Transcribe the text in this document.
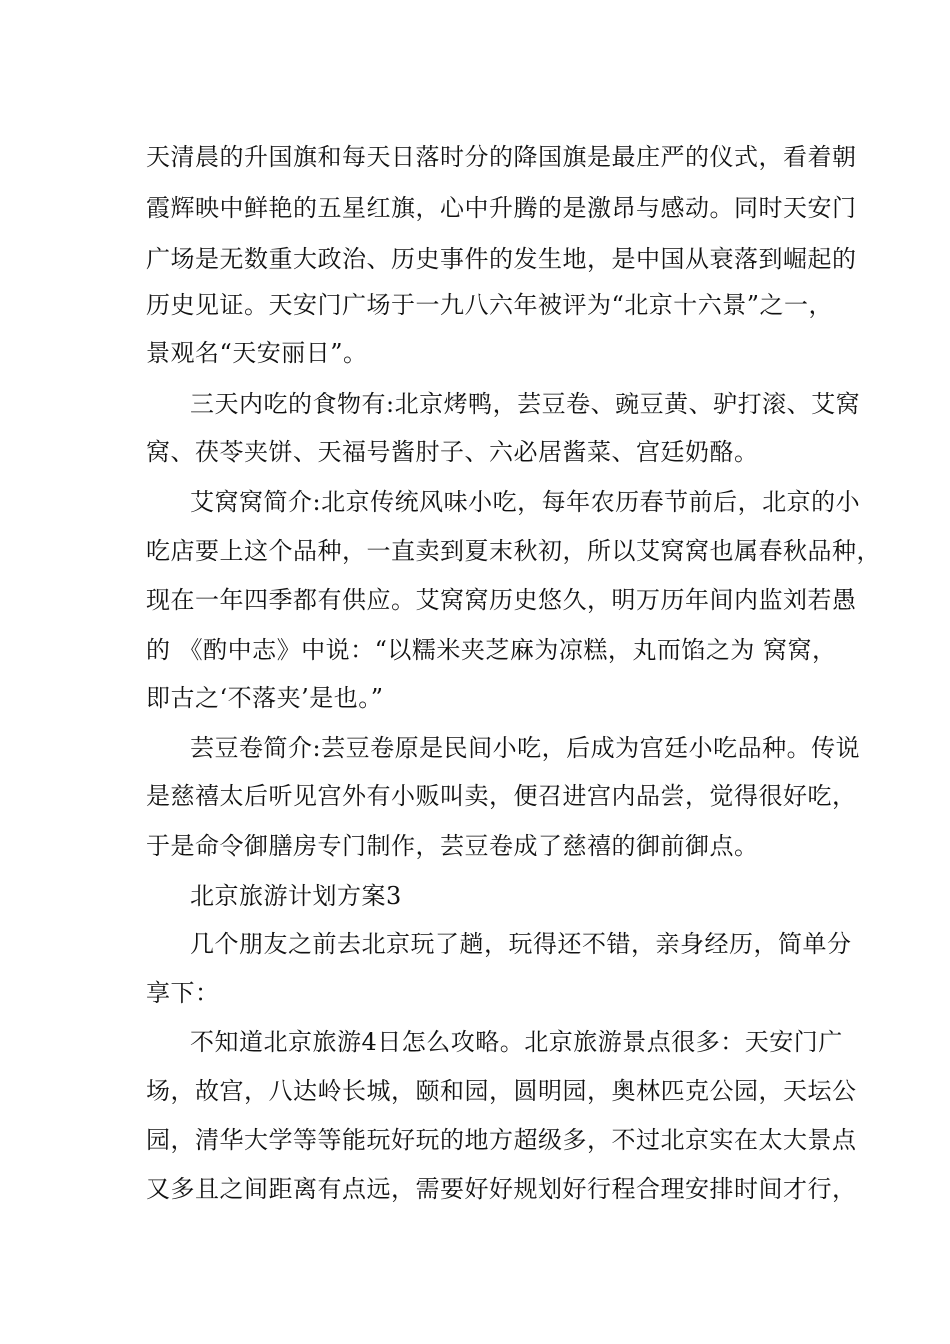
天清晨的升国旗和每天日落时分的降国旗是最庄严的仪式，看着朝
霞辉映中鲜艳的五星红旗，心中升腾的是激昂与感动。同时天安门
广场是无数重大政治、历史事件的发生地，是中国从衰落到崛起的
历史见证。天安门广场于一九八六年被评为“北京十六景”之一，
景观名“天安丽日”。
三天内吃的食物有:北京烤鸭，芸豆卷、豌豆黄、驴打滚、艾窝
窝、茯苓夹饼、天福号酱肘子、六必居酱菜、宫廷奶酪。
艾窝窝简介:北京传统风味小吃，每年农历春节前后，北京的小
吃店要上这个品种，一直卖到夏末秋初，所以艾窝窝也属春秋品种，
现在一年四季都有供应。艾窝窝历史悠久，明万历年间内监刘若愚
的 《酌中志》中说：“以糯米夹芝麻为凉糕，丸而馅之为 窝窝，
即古之‘不落夹’是也。”
芸豆卷简介:芸豆卷原是民间小吃，后成为宫廷小吃品种。传说
是慈禧太后听见宫外有小贩叫卖，便召进宫内品尝，觉得很好吃，
于是命令御膳房专门制作，芸豆卷成了慈禧的御前御点。
北京旅游计划方案3
几个朋友之前去北京玩了趟，玩得还不错，亲身经历，简单分
享下：
不知道北京旅游4日怎么攻略。北京旅游景点很多：天安门广
场，故宫，八达岭长城，颐和园，圆明园，奥林匹克公园，天坛公
园，清华大学等等能玩好玩的地方超级多，不过北京实在太大景点
又多且之间距离有点远，需要好好规划好行程合理安排时间才行，
